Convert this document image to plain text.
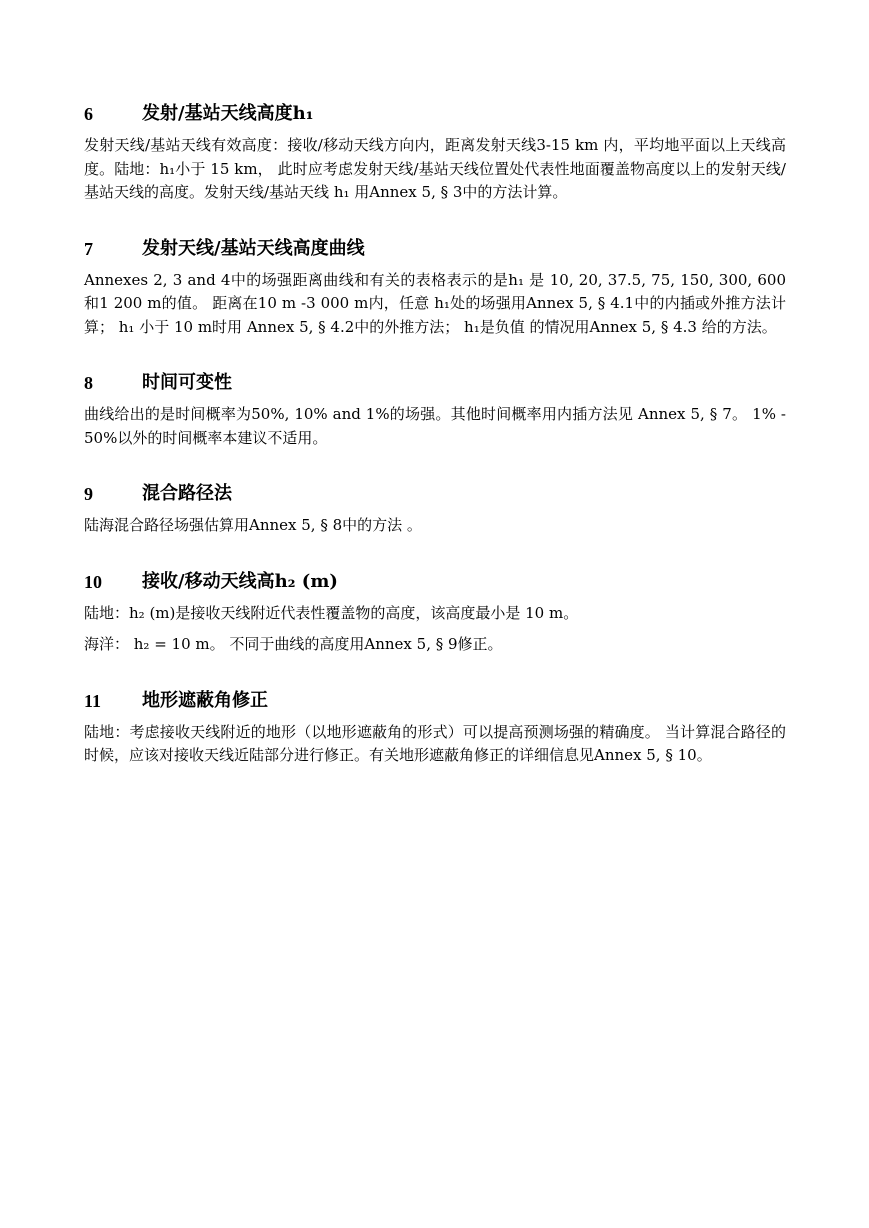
6	发射/基站天线高度h₁

发射天线/基站天线有效高度：接收/移动天线方向内，距离发射天线3-15 km 内，平均地平面以上天线高度。陆地：h₁小于 15 km， 此时应考虑发射天线/基站天线位置处代表性地面覆盖物高度以上的发射天线/基站天线的高度。发射天线/基站天线 h₁ 用Annex 5, § 3中的方法计算。

7	发射天线/基站天线高度曲线

Annexes 2, 3 and 4中的场强距离曲线和有关的表格表示的是h₁ 是 10, 20, 37.5, 75, 150, 300, 600 和1 200 m的值。 距离在10 m -3 000 m内，任意 h₁处的场强用Annex 5, § 4.1中的内插或外推方法计算； h₁ 小于 10 m时用 Annex 5, § 4.2中的外推方法； h₁是负值 的情况用Annex 5, § 4.3 给的方法。

8	时间可变性

曲线给出的是时间概率为50%, 10% and 1%的场强。其他时间概率用内插方法见 Annex 5, § 7。 1% - 50%以外的时间概率本建议不适用。

9	混合路径法

陆海混合路径场强估算用Annex 5, § 8中的方法 。

10	接收/移动天线高h₂ (m)

陆地：h₂ (m)是接收天线附近代表性覆盖物的高度，该高度最小是 10 m。

海洋： h₂ = 10 m。 不同于曲线的高度用Annex 5, § 9修正。

11	地形遮蔽角修正

陆地：考虑接收天线附近的地形（以地形遮蔽角的形式）可以提高预测场强的精确度。 当计算混合路径的时候，应该对接收天线近陆部分进行修正。有关地形遮蔽角修正的详细信息见Annex 5, § 10。
